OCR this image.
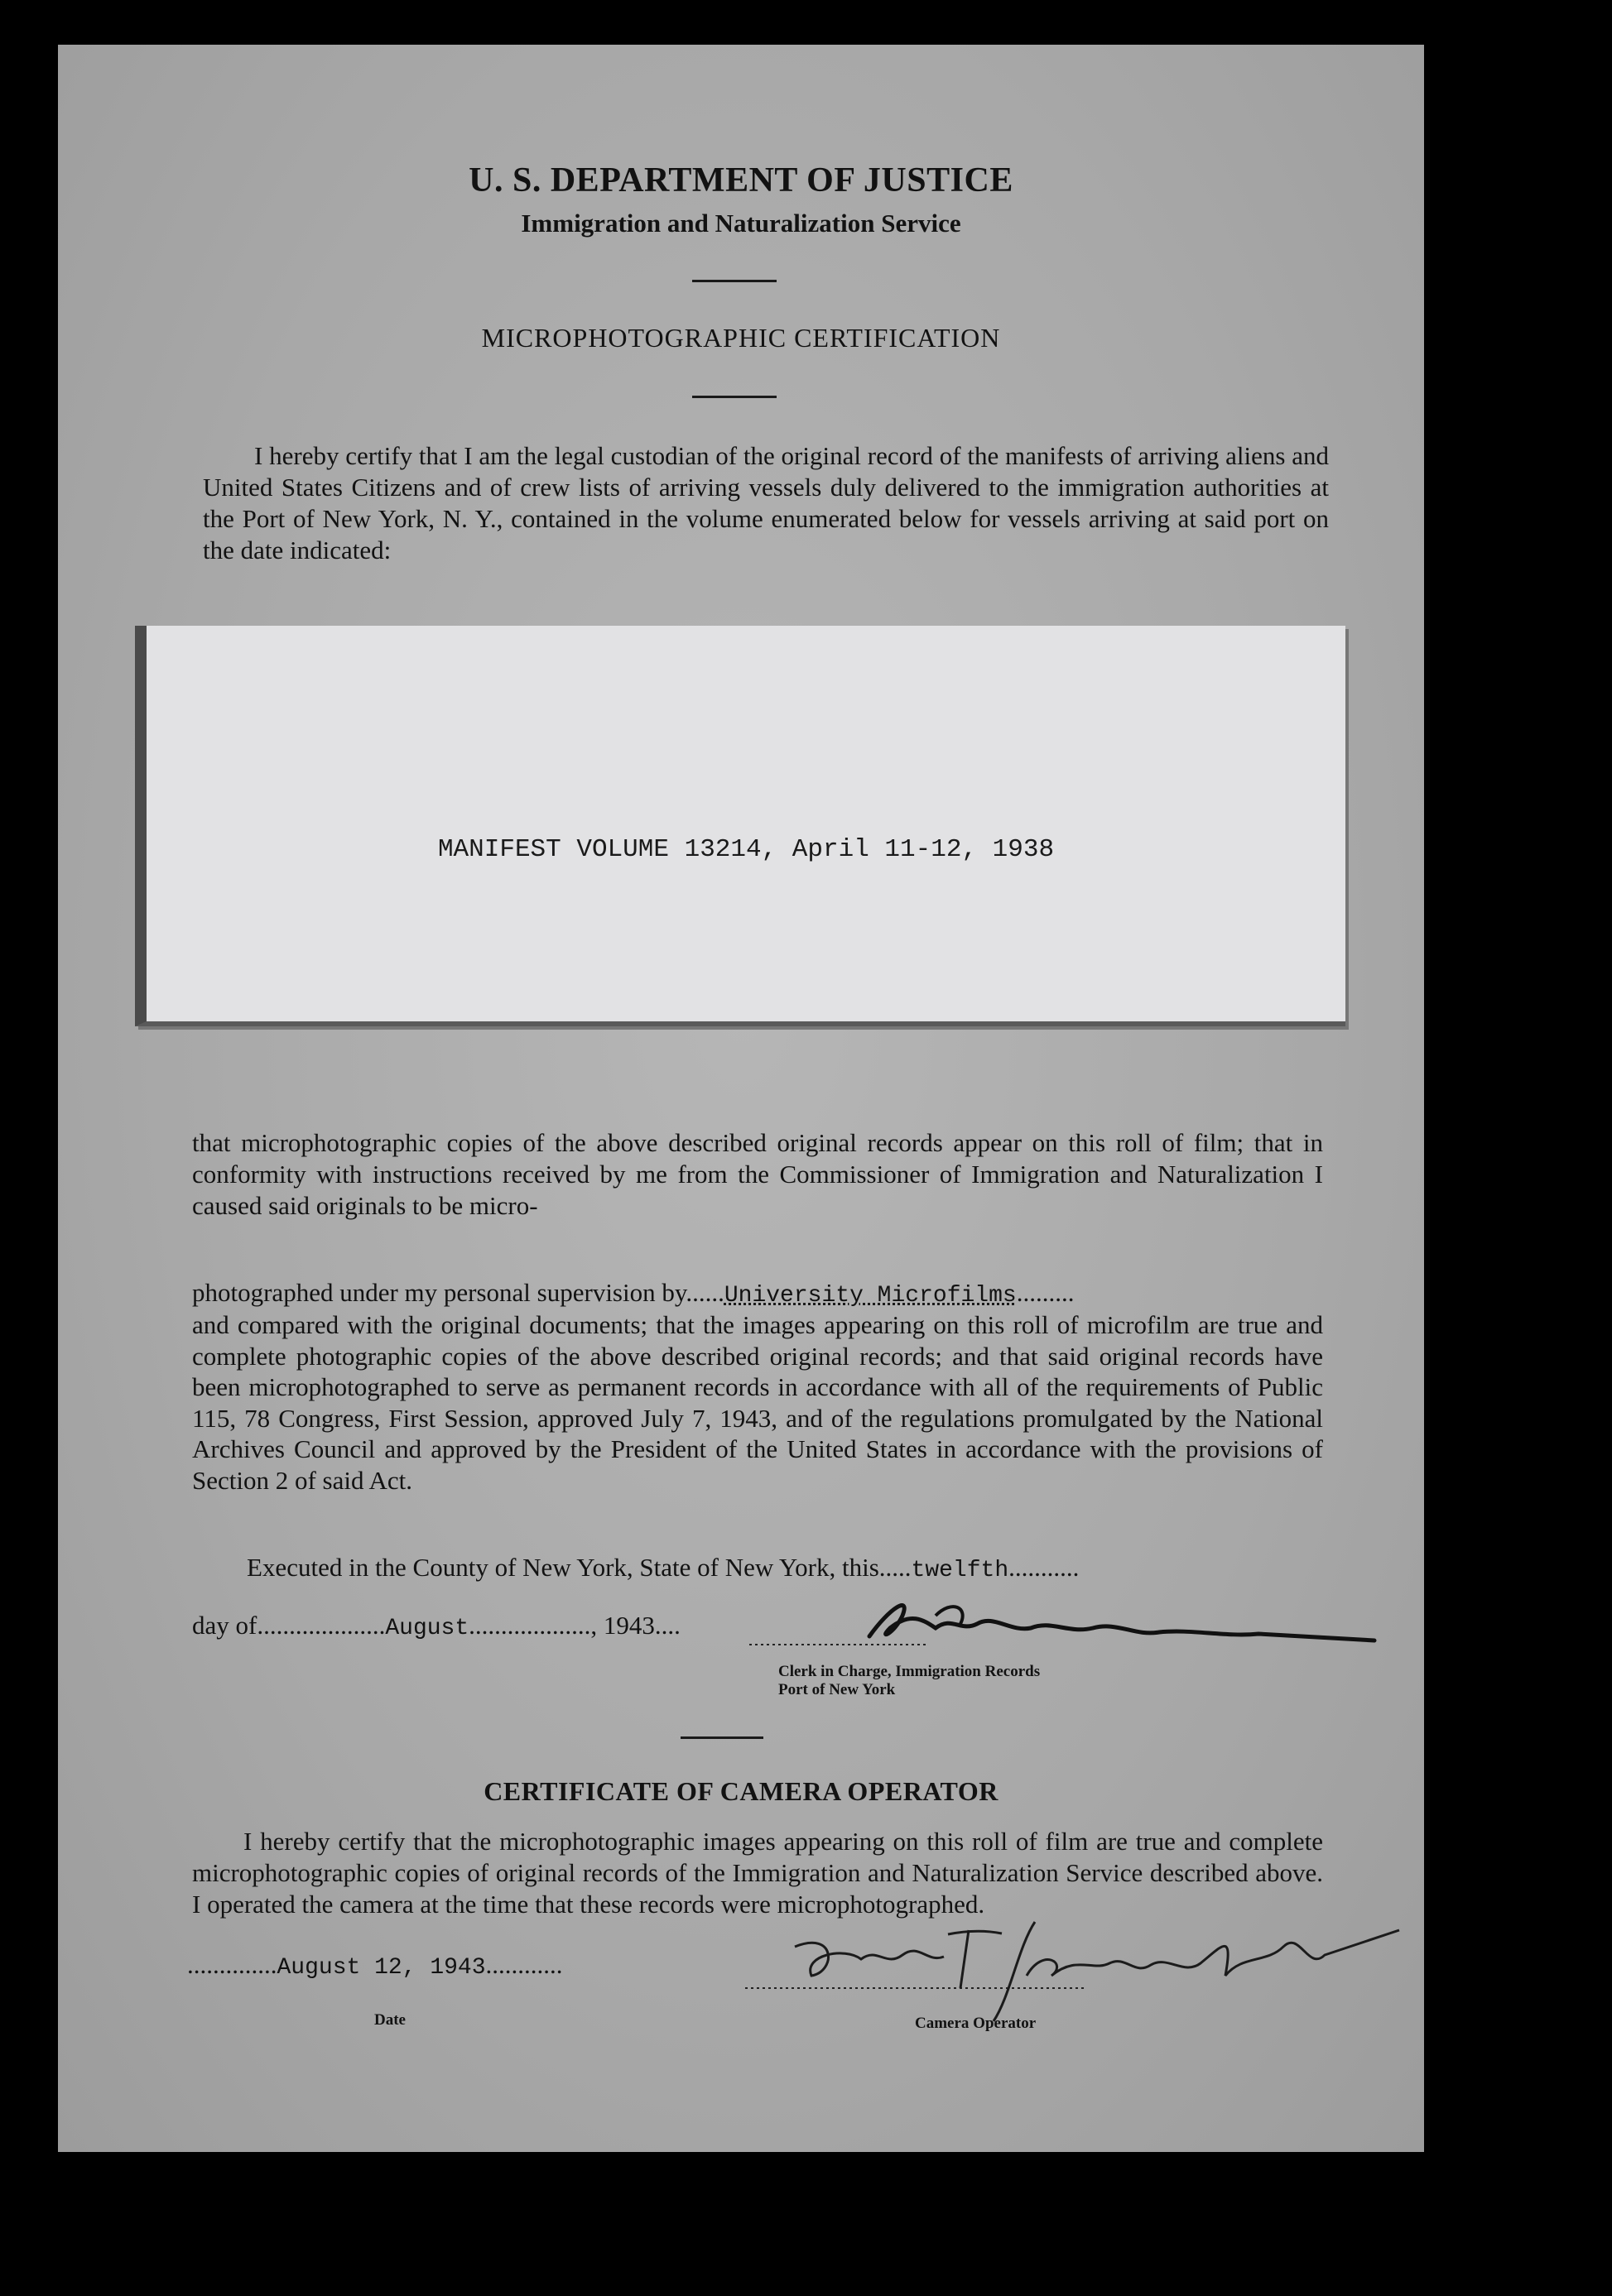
U. S. DEPARTMENT OF JUSTICE
Immigration and Naturalization Service
MICROPHOTOGRAPHIC CERTIFICATION
I hereby certify that I am the legal custodian of the original record of the manifests of arriving aliens and United States Citizens and of crew lists of arriving vessels duly delivered to the immigration authorities at the Port of New York, N. Y., contained in the volume enumerated below for vessels arriving at said port on the date indicated:
MANIFEST VOLUME 13214, April 11-12, 1938
that microphotographic copies of the above described original records appear on this roll of film; that in conformity with instructions received by me from the Commissioner of Immigration and Naturalization I caused said originals to be micro-
photographed under my personal supervision by......University Microfilms.........
and compared with the original documents; that the images appearing on this roll of microfilm are true and complete photographic copies of the above described original records; and that said original records have been microphotographed to serve as permanent records in accordance with all of the requirements of Public 115, 78 Congress, First Session, approved July 7, 1943, and of the regulations promulgated by the National Archives Council and approved by the President of the United States in accordance with the provisions of Section 2 of said Act.
Executed in the County of New York, State of New York, this.....twelfth...........
day of....................August..................., 1943....
Clerk in Charge, Immigration Records
Port of New York
CERTIFICATE OF CAMERA OPERATOR
I hereby certify that the microphotographic images appearing on this roll of film are true and complete microphotographic copies of original records of the Immigration and Naturalization Service described above. I operated the camera at the time that these records were microphotographed.
..............August 12, 1943............
Date	Camera Operator
